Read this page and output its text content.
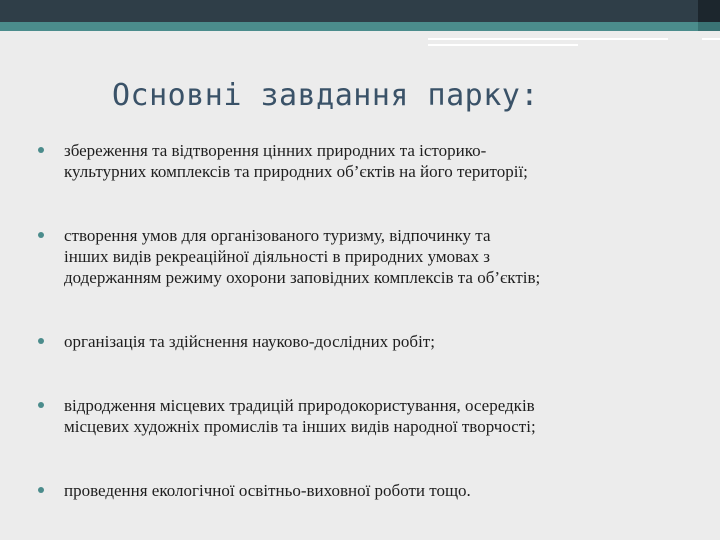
Основні завдання парку:
збереження та відтворення цінних природних та історико-
культурних комплексів та природних об’єктів на його території;
створення умов для організованого туризму, відпочинку та
інших видів рекреаційної діяльності в природних умовах з
додержанням режиму охорони заповідних комплексів та об’єктів;
організація та здійснення науково-дослідних робіт;
відродження місцевих традицій природокористування, осередків
місцевих художніх промислів та інших видів народної творчості;
проведення екологічної освітньо-виховної роботи тощо.
